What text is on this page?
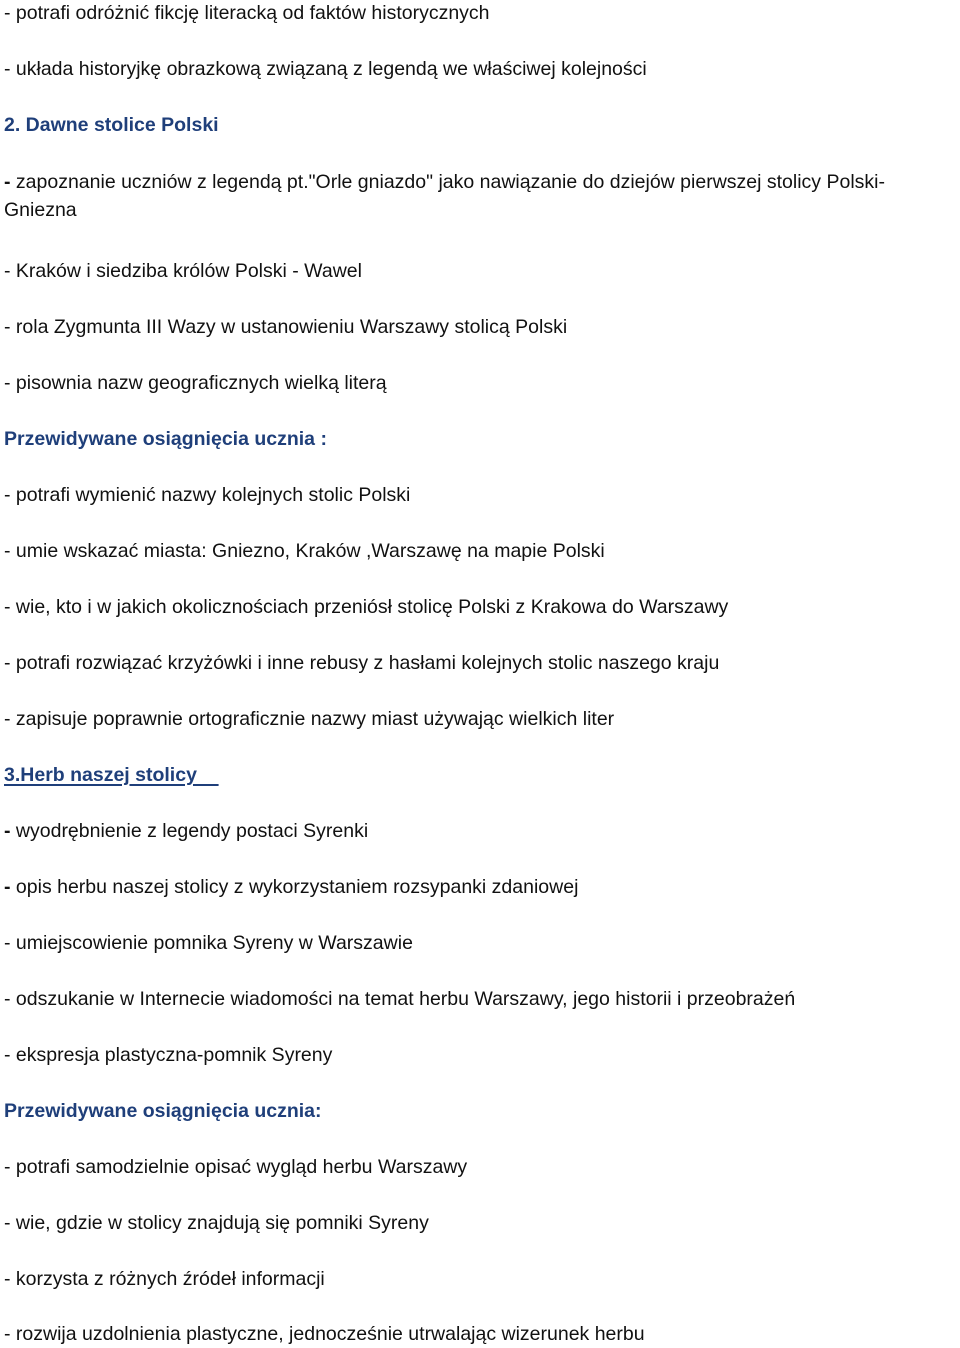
- potrafi odróżnić fikcję literacką od faktów historycznych
- układa historyjkę obrazkową związaną z legendą we właściwej kolejności
2. Dawne stolice Polski
- zapoznanie uczniów z legendą pt."Orle gniazdo" jako nawiązanie do dziejów pierwszej stolicy Polski-Gniezna
- Kraków i siedziba królów Polski - Wawel
- rola Zygmunta III Wazy w ustanowieniu Warszawy stolicą Polski
- pisownia nazw geograficznych wielką literą
Przewidywane osiągnięcia ucznia :
- potrafi wymienić nazwy kolejnych stolic Polski
- umie wskazać miasta: Gniezno, Kraków ,Warszawę na mapie Polski
- wie, kto i w jakich okolicznościach przeniósł stolicę Polski z Krakowa do Warszawy
- potrafi rozwiązać krzyżówki i inne rebusy z hasłami kolejnych stolic naszego kraju
- zapisuje poprawnie ortograficznie nazwy miast używając wielkich liter
3.Herb naszej stolicy
- wyodrębnienie z legendy postaci Syrenki
- opis herbu naszej stolicy z wykorzystaniem rozsypanki zdaniowej
- umiejscowienie pomnika Syreny w Warszawie
- odszukanie w Internecie wiadomości na temat herbu Warszawy, jego historii i przeobrażeń
- ekspresja plastyczna-pomnik Syreny
Przewidywane osiągnięcia ucznia:
- potrafi samodzielnie opisać wygląd herbu Warszawy
- wie, gdzie w stolicy znajdują się pomniki Syreny
- korzysta z różnych źródeł informacji
- rozwija uzdolnienia plastyczne, jednocześnie utrwalając wizerunek herbu
